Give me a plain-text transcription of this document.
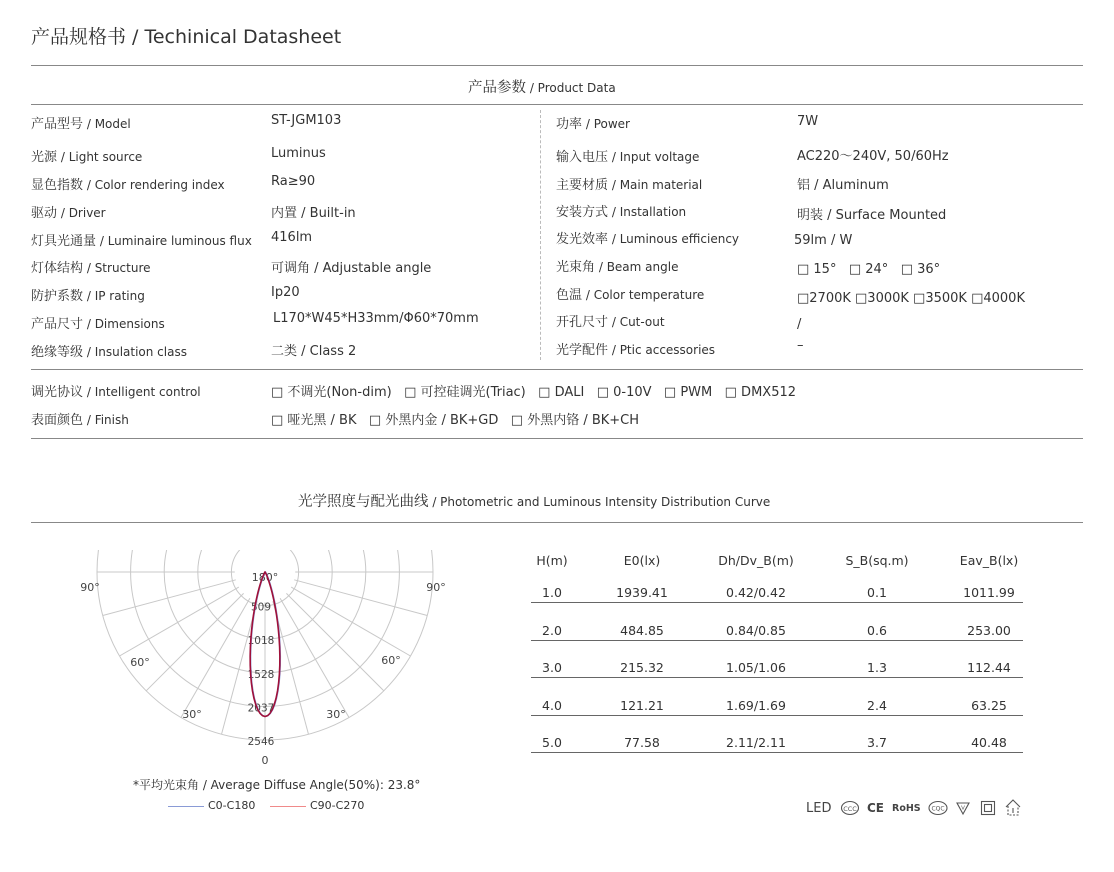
产品规格书 / Techinical Datasheet
产品参数 / Product Data
产品型号 / Model	ST-JGM103
光源 / Light source	Luminus
显色指数 / Color rendering index	Ra≥90
驱动 / Driver	内置 / Built-in
灯具光通量 / Luminaire luminous flux 416lm
灯体结构 / Structure	可调角 / Adjustable angle
防护系数 / IP rating	Ip20
产品尺寸 / Dimensions	L170*W45*H33mm/Φ60*70mm
绝缘等级 / Insulation class	二类 / Class 2
功率 / Power	7W
输入电压 / Input voltage	AC220～240V, 50/60Hz
主要材质 / Main material	铝 / Aluminum
安装方式 / Installation	明装 / Surface Mounted
发光效率 / Luminous efficiency	59lm / W
光束角 / Beam angle	□ 15°   □ 24°   □ 36°
色温 / Color temperature	□2700K □3000K □3500K □4000K
开孔尺寸 / Cut-out	/
光学配件 / Ptic accessories	–
调光协议 / Intelligent control	□ 不调光(Non-dim)   □ 可控硅调光(Triac)   □ DALI   □ 0-10V   □ PWM   □ DMX512
表面颜色 / Finish	□ 哑光黑 / BK   □ 外黑内金 / BK+GD   □ 外黑内铬 / BK+CH
光学照度与配光曲线 / Photometric and Luminous Intensity Distribution Curve
180°
0
90°	90°
60°	60°
30°	30°
509
1018
1528
2037
2546
*平均光束角 / Average Diffuse Angle(50%): 23.8°
C0-C180	C90-C270
H(m)	E0(lx)	Dh/Dv_B(m)	S_B(sq.m)	Eav_B(lx)
1.0	1939.41	0.42/0.42	0.1	1011.99
2.0	484.85	0.84/0.85	0.6	253.00
3.0	215.32	1.05/1.06	1.3	112.44
4.0	121.21	1.69/1.69	2.4	63.25
5.0	77.58	2.11/2.11	3.7	40.48
LED CCC CE RoHS CQC	V
